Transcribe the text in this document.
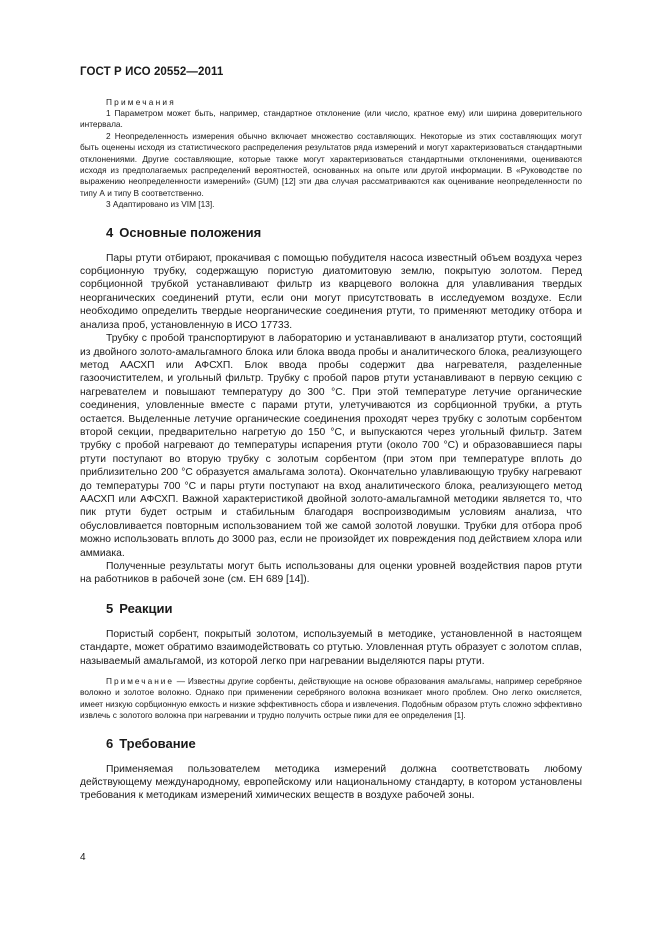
ГОСТ Р ИСО 20552—2011
Примечания

1 Параметром может быть, например, стандартное отклонение (или число, кратное ему) или ширина доверительного интервала.

2 Неопределенность измерения обычно включает множество составляющих. Некоторые из этих составляющих могут быть оценены исходя из статистического распределения результатов ряда измерений и могут характеризоваться стандартными отклонениями. Другие составляющие, которые также могут характеризоваться стандартными отклонениями, оцениваются исходя из предполагаемых распределений вероятностей, основанных на опыте или другой информации. В «Руководстве по выражению неопределенности измерений» (GUM) [12] эти два случая рассматриваются как оценивание неопределенности по типу А и типу В соответственно.

3 Адаптировано из VIM [13].

4 Основные положения

Пары ртути отбирают, прокачивая с помощью побудителя насоса известный объем воздуха через сорбционную трубку, содержащую пористую диатомитовую землю, покрытую золотом. Перед сорбционной трубкой устанавливают фильтр из кварцевого волокна для улавливания твердых неорганических соединений ртути, если они могут присутствовать в исследуемом воздухе. Если необходимо определить твердые неорганические соединения ртути, то применяют методику отбора и анализа проб, установленную в ИСО 17733.

Трубку с пробой транспортируют в лабораторию и устанавливают в анализатор ртути, состоящий из двойного золото-амальгамного блока или блока ввода пробы и аналитического блока, реализующего метод ААСХП или АФСХП. Блок ввода пробы содержит два нагревателя, разделенные газоочистителем, и угольный фильтр. Трубку с пробой паров ртути устанавливают в первую секцию с нагревателем и повышают температуру до 300 °С. При этой температуре летучие органические соединения, уловленные вместе с парами ртути, улетучиваются из сорбционной трубки, а ртуть остается. Выделенные летучие органические соединения проходят через трубку с золотым сорбентом второй секции, предварительно нагретую до 150 °С, и выпускаются через угольный фильтр. Затем трубку с пробой нагревают до температуры испарения ртути (около 700 °С) и образовавшиеся пары ртути поступают во вторую трубку с золотым сорбентом (при этом при температуре вплоть до приблизительно 200 °С образуется амальгама золота). Окончательно улавливающую трубку нагревают до температуры 700 °С и пары ртути поступают на вход аналитического блока, реализующего метод ААСХП или АФСХП. Важной характеристикой двойной золото-амальгамной методики является то, что пик ртути будет острым и стабильным благодаря воспроизводимым условиям анализа, что обусловливается повторным использованием той же самой золотой ловушки. Трубки для отбора проб можно использовать вплоть до 3000 раз, если не произойдет их повреждения под действием хлора или аммиака.

Полученные результаты могут быть использованы для оценки уровней воздействия паров ртути на работников в рабочей зоне (см. ЕН 689 [14]).

5 Реакции

Пористый сорбент, покрытый золотом, используемый в методике, установленной в настоящем стандарте, может обратимо взаимодействовать со ртутью. Уловленная ртуть образует с золотом сплав, называемый амальгамой, из которой легко при нагревании выделяются пары ртути.

Примечание — Известны другие сорбенты, действующие на основе образования амальгамы, например серебряное волокно и золотое волокно. Однако при применении серебряного волокна возникает много проблем. Оно легко окисляется, имеет низкую сорбционную емкость и низкие эффективность сбора и извлечения. Подобным образом ртуть сложно эффективно извлечь с золотого волокна при нагревании и трудно получить острые пики для ее определения [1].

6 Требование

Применяемая пользователем методика измерений должна соответствовать любому действующему международному, европейскому или национальному стандарту, в котором установлены требования к методикам измерений химических веществ в воздухе рабочей зоны.

4
